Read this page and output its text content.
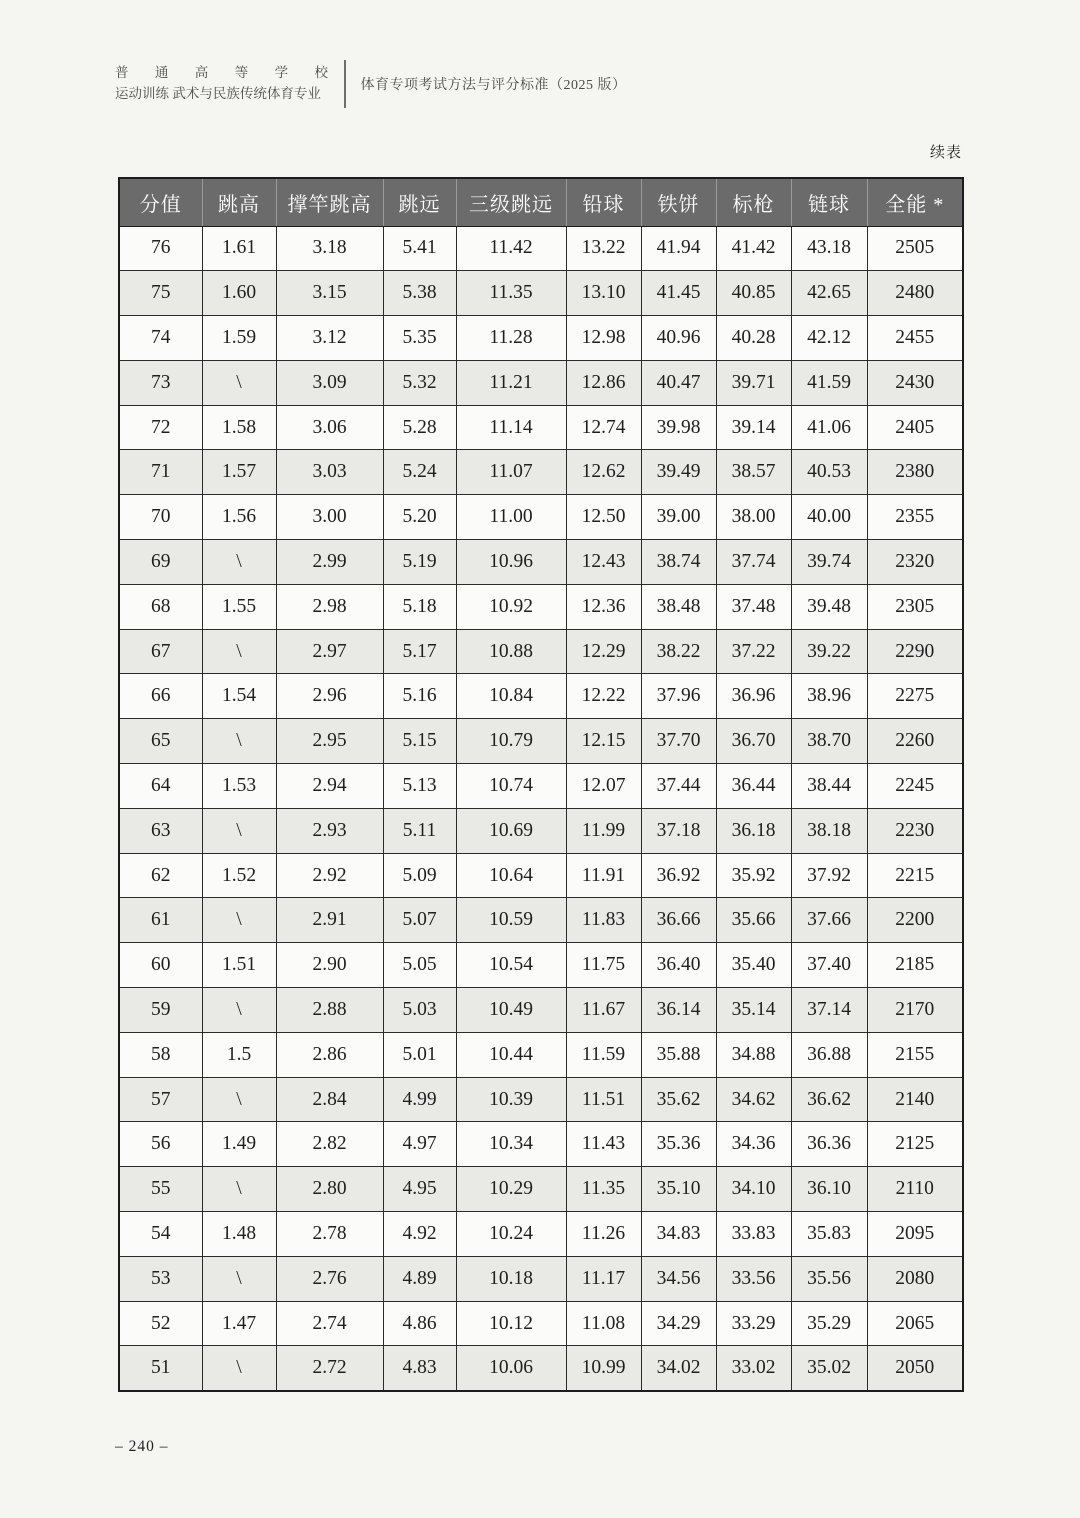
普通高等学校
运动训练 武术与民族传统体育专业
体育专项考试方法与评分标准（2025 版）
续表
分值	跳高	撑竿跳高	跳远	三级跳远	铅球	铁饼	标枪	链球	全能 *
76	1.61	3.18	5.41	11.42	13.22	41.94	41.42	43.18	2505
75	1.60	3.15	5.38	11.35	13.10	41.45	40.85	42.65	2480
74	1.59	3.12	5.35	11.28	12.98	40.96	40.28	42.12	2455
73	\	3.09	5.32	11.21	12.86	40.47	39.71	41.59	2430
72	1.58	3.06	5.28	11.14	12.74	39.98	39.14	41.06	2405
71	1.57	3.03	5.24	11.07	12.62	39.49	38.57	40.53	2380
70	1.56	3.00	5.20	11.00	12.50	39.00	38.00	40.00	2355
69	\	2.99	5.19	10.96	12.43	38.74	37.74	39.74	2320
68	1.55	2.98	5.18	10.92	12.36	38.48	37.48	39.48	2305
67	\	2.97	5.17	10.88	12.29	38.22	37.22	39.22	2290
66	1.54	2.96	5.16	10.84	12.22	37.96	36.96	38.96	2275
65	\	2.95	5.15	10.79	12.15	37.70	36.70	38.70	2260
64	1.53	2.94	5.13	10.74	12.07	37.44	36.44	38.44	2245
63	\	2.93	5.11	10.69	11.99	37.18	36.18	38.18	2230
62	1.52	2.92	5.09	10.64	11.91	36.92	35.92	37.92	2215
61	\	2.91	5.07	10.59	11.83	36.66	35.66	37.66	2200
60	1.51	2.90	5.05	10.54	11.75	36.40	35.40	37.40	2185
59	\	2.88	5.03	10.49	11.67	36.14	35.14	37.14	2170
58	1.5	2.86	5.01	10.44	11.59	35.88	34.88	36.88	2155
57	\	2.84	4.99	10.39	11.51	35.62	34.62	36.62	2140
56	1.49	2.82	4.97	10.34	11.43	35.36	34.36	36.36	2125
55	\	2.80	4.95	10.29	11.35	35.10	34.10	36.10	2110
54	1.48	2.78	4.92	10.24	11.26	34.83	33.83	35.83	2095
53	\	2.76	4.89	10.18	11.17	34.56	33.56	35.56	2080
52	1.47	2.74	4.86	10.12	11.08	34.29	33.29	35.29	2065
51	\	2.72	4.83	10.06	10.99	34.02	33.02	35.02	2050
– 240 –
